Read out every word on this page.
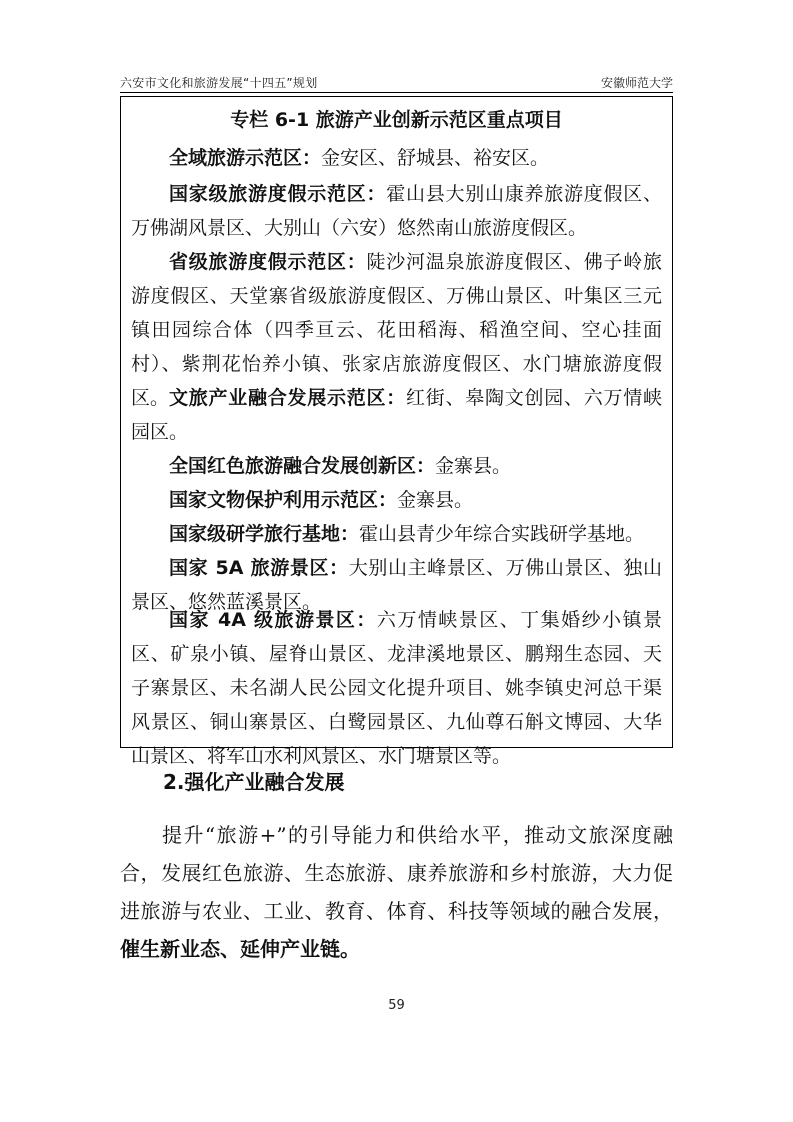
六安市文化和旅游发展“十四五”规划	安徽师范大学
专栏 6-1 旅游产业创新示范区重点项目
全域旅游示范区：金安区、舒城县、裕安区。
国家级旅游度假示范区：霍山县大别山康养旅游度假区、万佛湖风景区、大别山（六安）悠然南山旅游度假区。
省级旅游度假示范区：陡沙河温泉旅游度假区、佛子岭旅游度假区、天堂寨省级旅游度假区、万佛山景区、叶集区三元镇田园综合体（四季亘云、花田稻海、稻渔空间、空心挂面村）、紫荆花怡养小镇、张家店旅游度假区、水门塘旅游度假区。 文旅产业融合发展示范区：红街、皋陶文创园、六万情峡园区。
全国红色旅游融合发展创新区：金寨县。
国家文物保护利用示范区：金寨县。
国家级研学旅行基地：霍山县青少年综合实践研学基地。
国家 5A 旅游景区：大别山主峰景区、万佛山景区、独山景区、悠然蓝溪景区。
国家 4A 级旅游景区：六万情峡景区、丁集婚纱小镇景区、矿泉小镇、屋脊山景区、龙津溪地景区、鹏翔生态园、天子寨景区、未名湖人民公园文化提升项目、姚李镇史河总干渠风景区、铜山寨景区、白鹭园景区、九仙尊石斛文博园、大华山景区、将军山水利风景区、水门塘景区等。
2.强化产业融合发展
提升“旅游+”的引导能力和供给水平，推动文旅深度融合，发展红色旅游、生态旅游、康养旅游和乡村旅游，大力促进旅游与农业、工业、教育、体育、科技等领域的融合发展，催生新业态、延伸产业链。
59
